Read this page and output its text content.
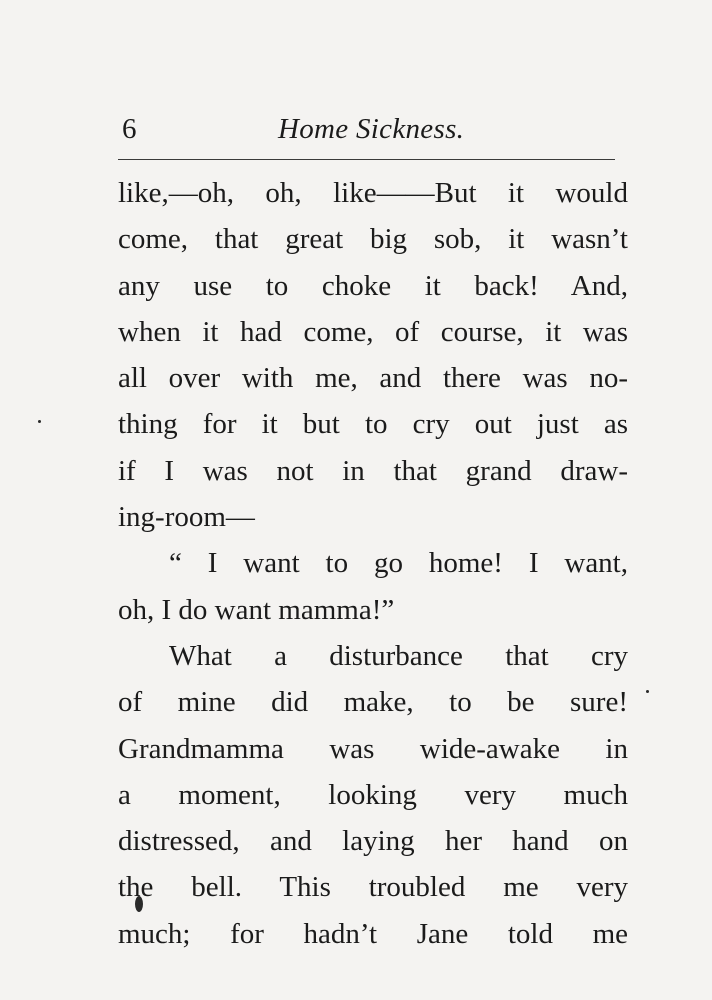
6	Home Sickness.
like,—oh, oh, like——But it would
come, that great big sob, it wasn’t
any use to choke it back! And,
when it had come, of course, it was
all over with me, and there was no-
thing for it but to cry out just as
if I was not in that grand draw-
ing-room—
“ I want to go home! I want,
oh, I do want mamma!”
What a disturbance that cry
of mine did make, to be sure!
Grandmamma was wide-awake in
a moment, looking very much
distressed, and laying her hand on
the bell. This troubled me very
much; for hadn’t Jane told me
